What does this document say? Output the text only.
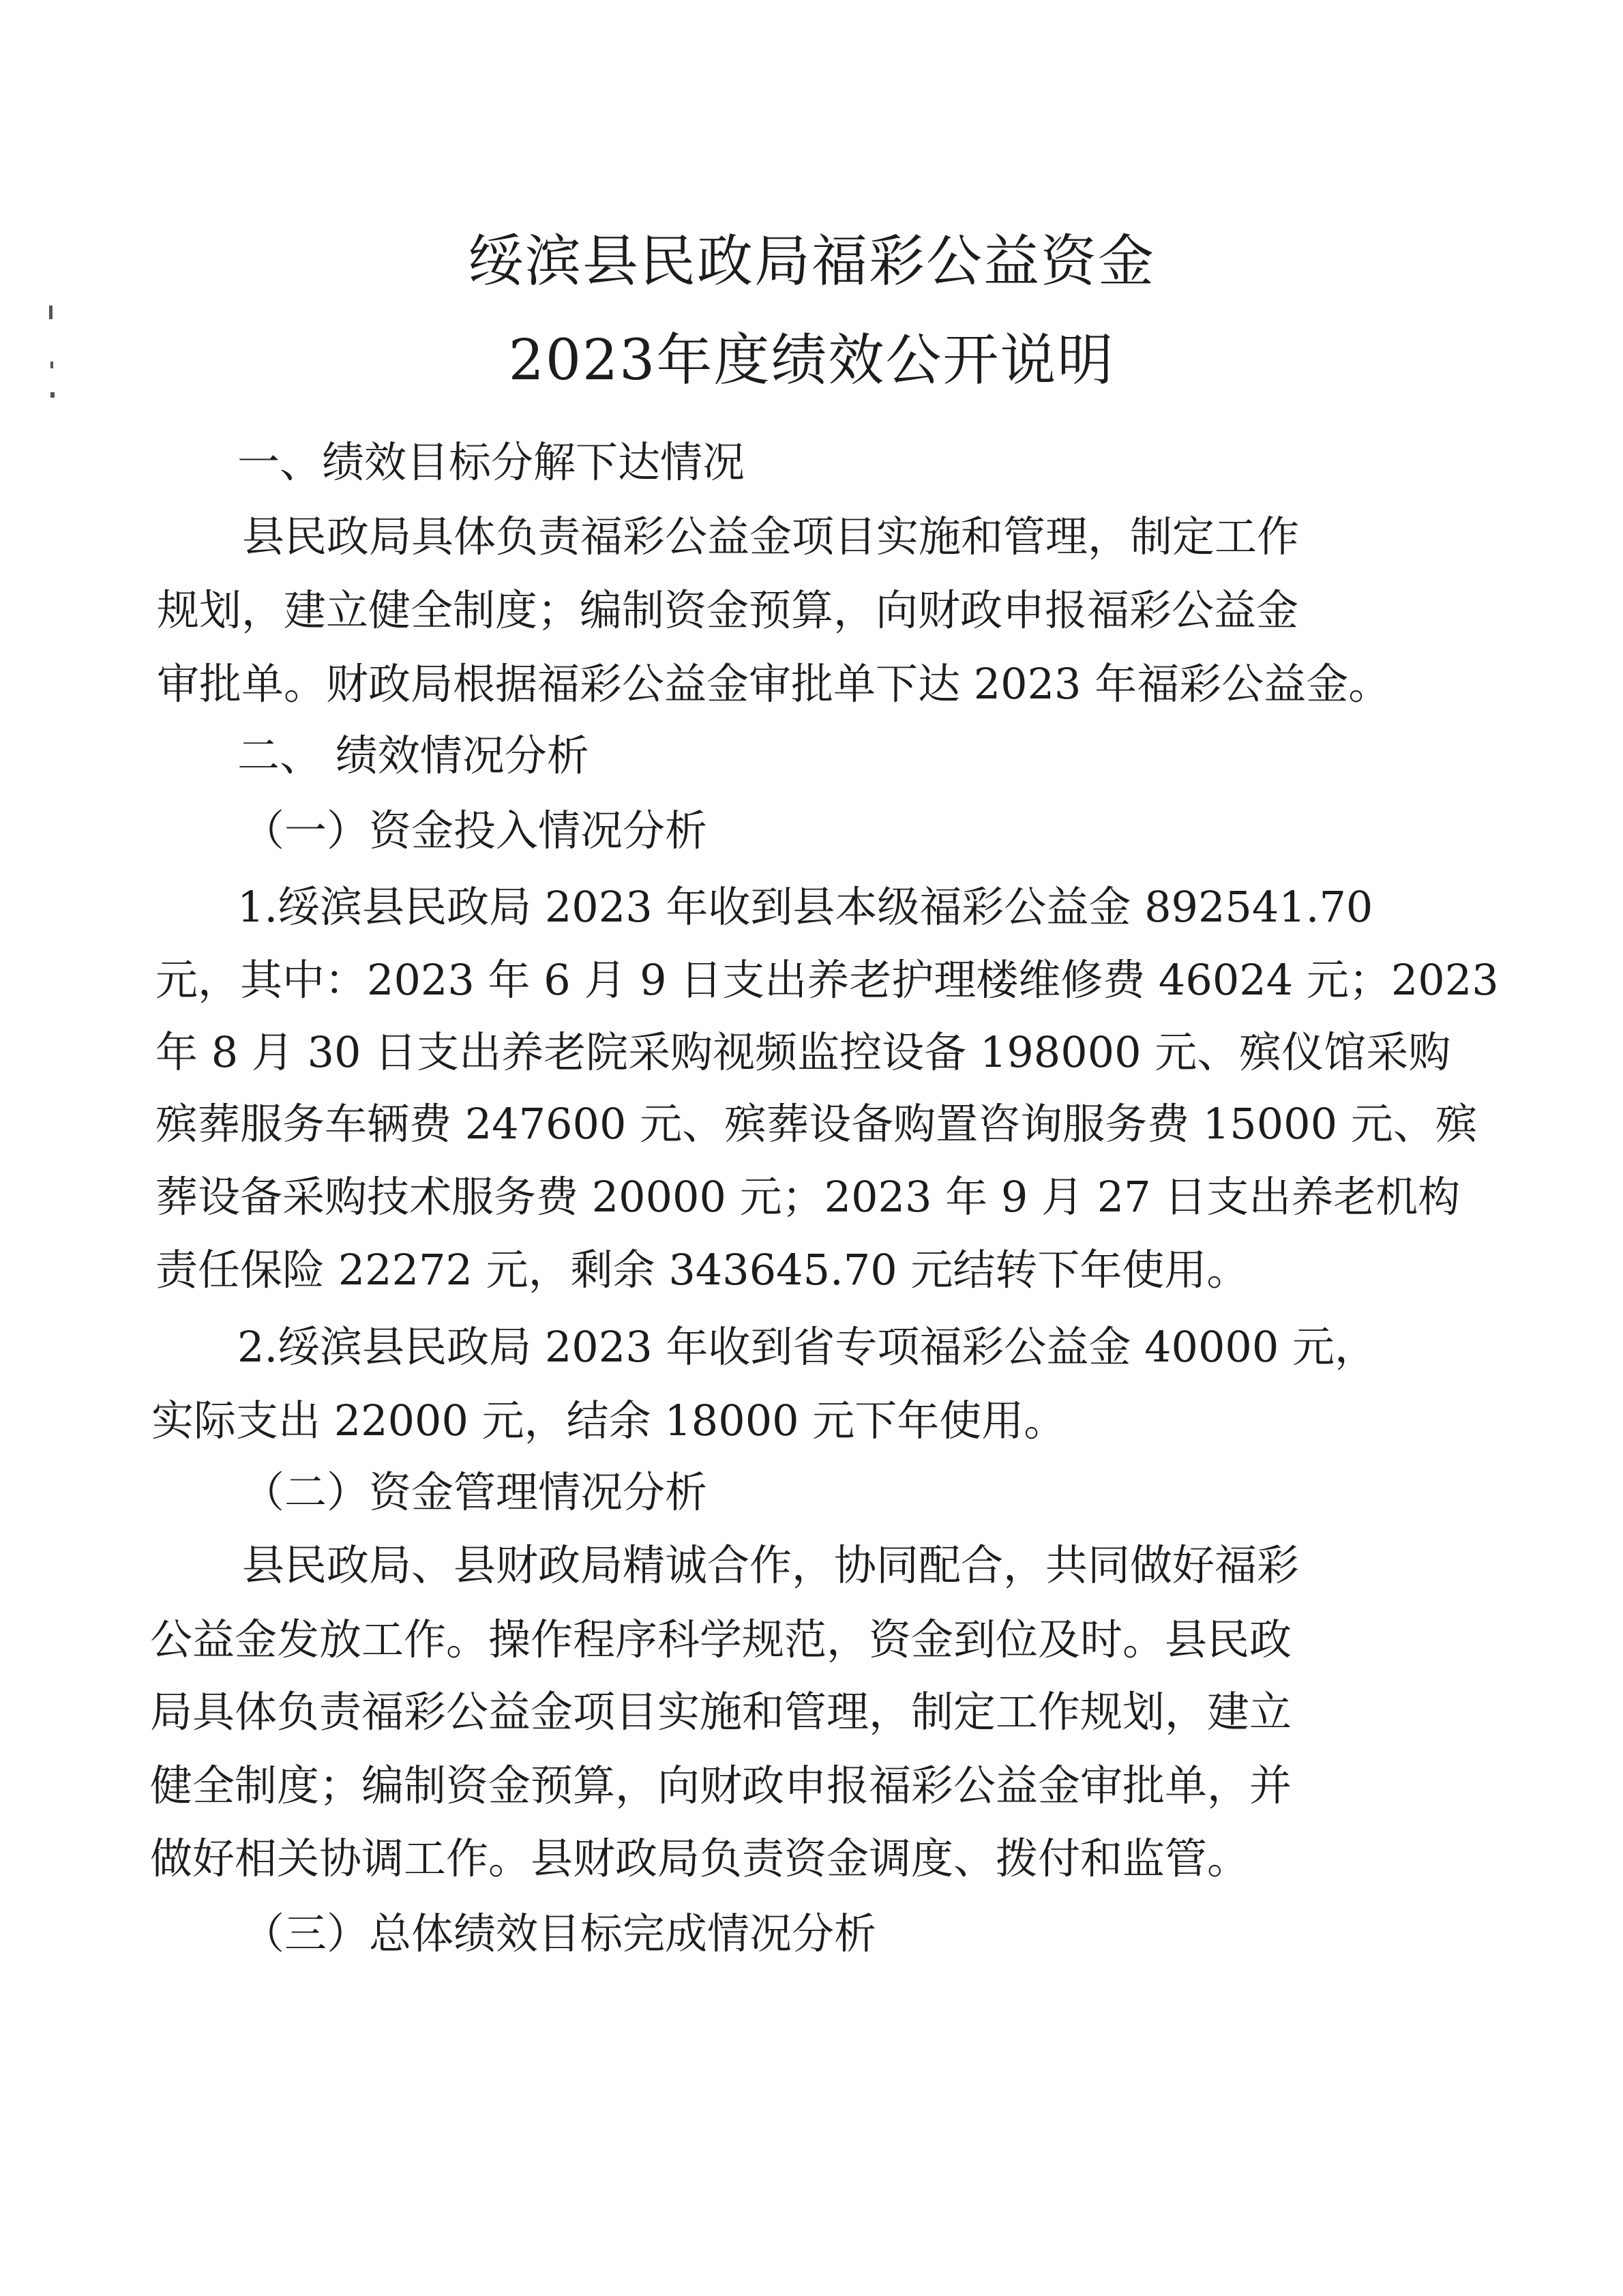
绥滨县民政局福彩公益资金
2023年度绩效公开说明
一、绩效目标分解下达情况
县民政局具体负责福彩公益金项目实施和管理，制定工作
规划，建立健全制度；编制资金预算，向财政申报福彩公益金
审批单。财政局根据福彩公益金审批单下达 2023 年福彩公益金。
二、 绩效情况分析
（一）资金投入情况分析
1.绥滨县民政局 2023 年收到县本级福彩公益金 892541.70
元，其中：2023 年 6 月 9 日支出养老护理楼维修费 46024 元；2023
年 8 月 30 日支出养老院采购视频监控设备 198000 元、殡仪馆采购
殡葬服务车辆费 247600 元、殡葬设备购置咨询服务费 15000 元、殡
葬设备采购技术服务费 20000 元；2023 年 9 月 27 日支出养老机构
责任保险 22272 元，剩余 343645.70 元结转下年使用。
2.绥滨县民政局 2023 年收到省专项福彩公益金 40000 元，
实际支出 22000 元，结余 18000 元下年使用。
（二）资金管理情况分析
县民政局、县财政局精诚合作，协同配合，共同做好福彩
公益金发放工作。操作程序科学规范，资金到位及时。县民政
局具体负责福彩公益金项目实施和管理，制定工作规划，建立
健全制度；编制资金预算，向财政申报福彩公益金审批单，并
做好相关协调工作。县财政局负责资金调度、拨付和监管。
（三）总体绩效目标完成情况分析
